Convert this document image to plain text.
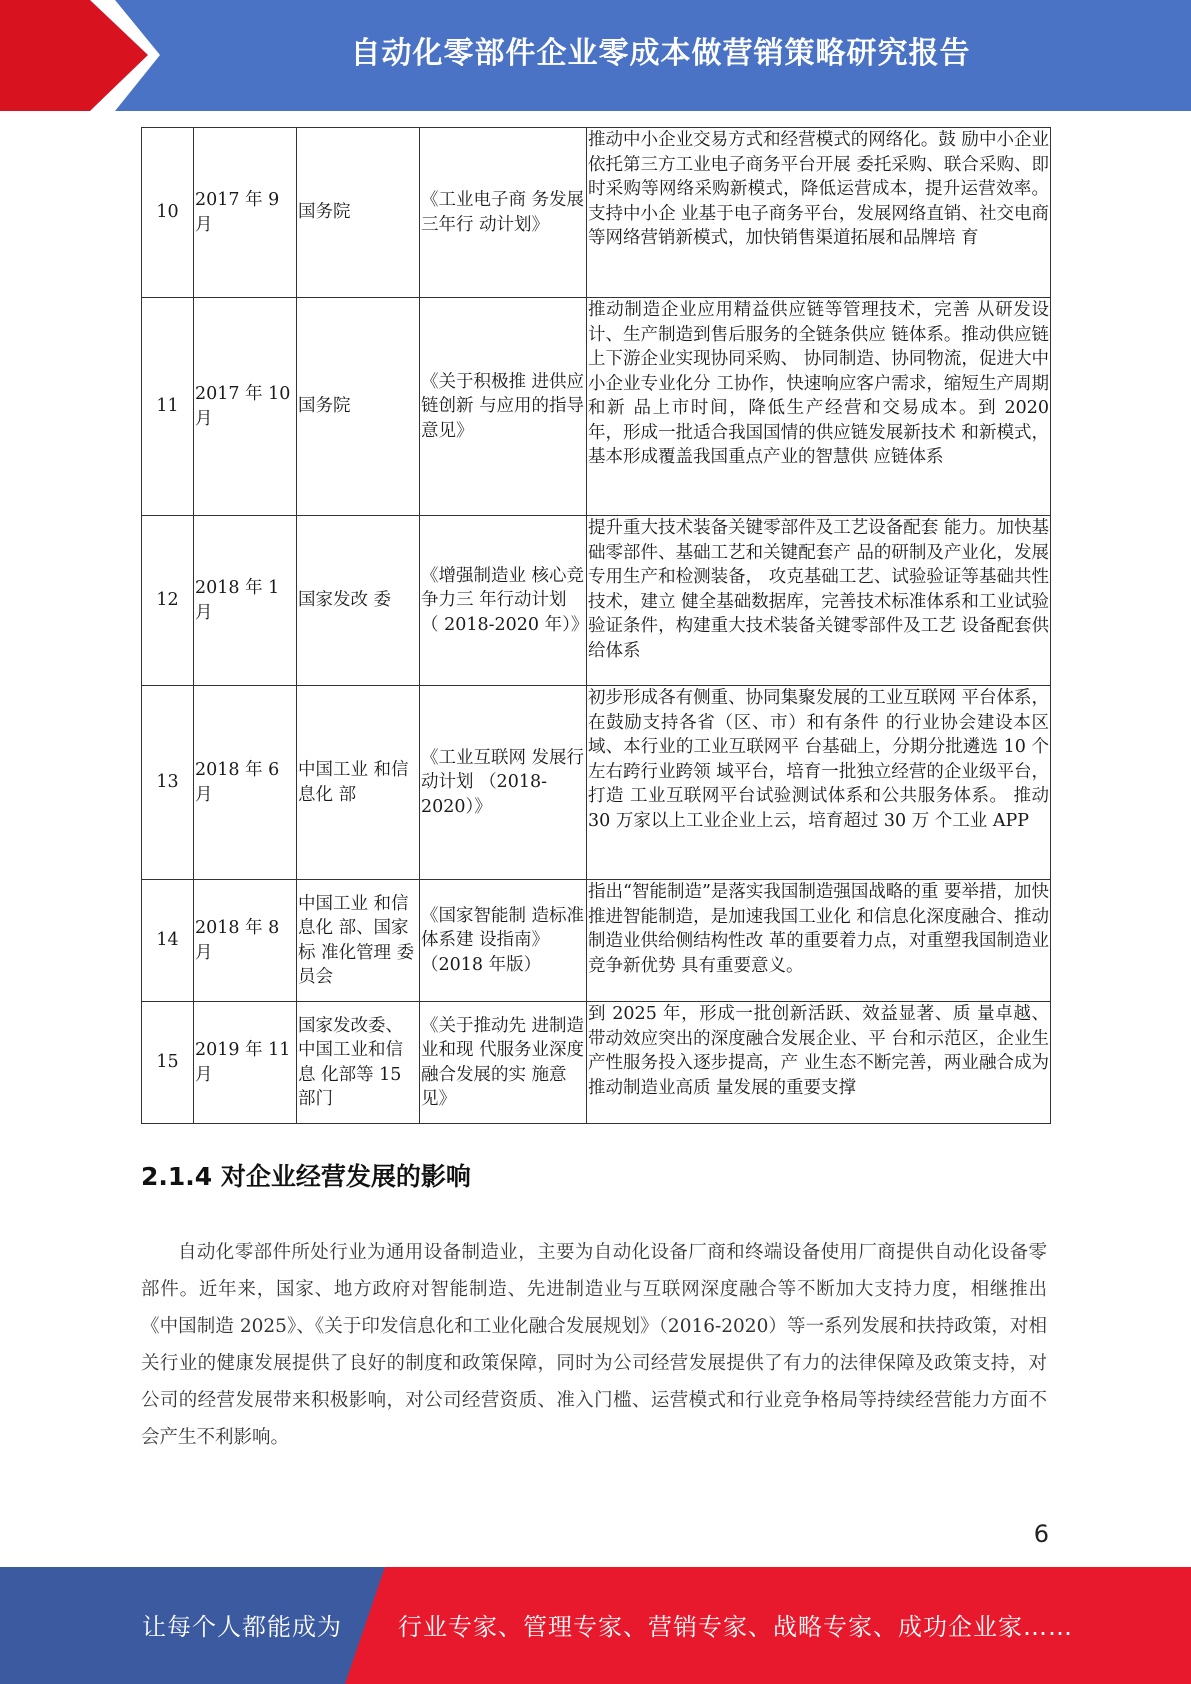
自动化零部件企业零成本做营销策略研究报告
10	2017 年 9 月	国务院	《工业电子商 务发展三年行 动计划》	推动中小企业交易方式和经营模式的网络化。鼓 励中小企业依托第三方工业电子商务平台开展 委托采购、联合采购、即时采购等网络采购新模式，降低运营成本，提升运营效率。支持中小企 业基于电子商务平台，发展网络直销、社交电商 等网络营销新模式，加快销售渠道拓展和品牌培 育
11	2017 年 10 月	国务院	《关于积极推 进供应链创新 与应用的指导 意见》	推动制造企业应用精益供应链等管理技术，完善 从研发设计、生产制造到售后服务的全链条供应 链体系。推动供应链上下游企业实现协同采购、 协同制造、协同物流，促进大中小企业专业化分 工协作，快速响应客户需求，缩短生产周期和新 品上市时间，降低生产经营和交易成本。到 2020 年，形成一批适合我国国情的供应链发展新技术 和新模式，基本形成覆盖我国重点产业的智慧供 应链体系
12	2018 年 1 月	国家发改 委	《增强制造业 核心竞争力三 年行动计划 （ 2018-2020 年）》	提升重大技术装备关键零部件及工艺设备配套 能力。加快基础零部件、基础工艺和关键配套产 品的研制及产业化，发展专用生产和检测装备， 攻克基础工艺、试验验证等基础共性技术，建立 健全基础数据库，完善技术标准体系和工业试验 验证条件，构建重大技术装备关键零部件及工艺 设备配套供给体系
13	2018 年 6 月	中国工业 和信息化 部	《工业互联网 发展行动计划 （2018-2020）》	初步形成各有侧重、协同集聚发展的工业互联网 平台体系，在鼓励支持各省（区、市）和有条件 的行业协会建设本区域、本行业的工业互联网平 台基础上，分期分批遴选 10 个左右跨行业跨领 域平台，培育一批独立经营的企业级平台，打造 工业互联网平台试验测试体系和公共服务体系。 推动 30 万家以上工业企业上云，培育超过 30 万 个工业 APP
14	2018 年 8 月	中国工业 和信息化 部、国家标 准化管理 委员会	《国家智能制 造标准体系建 设指南》（2018 年版）	指出“智能制造”是落实我国制造强国战略的重 要举措，加快推进智能制造，是加速我国工业化 和信息化深度融合、推动制造业供给侧结构性改 革的重要着力点，对重塑我国制造业竞争新优势 具有重要意义。
15	2019 年 11 月	国家发改委、中国工业和信息 化部等 15 部门	《关于推动先 进制造业和现 代服务业深度 融合发展的实 施意见》	到 2025 年，形成一批创新活跃、效益显著、质 量卓越、带动效应突出的深度融合发展企业、平 台和示范区，企业生产性服务投入逐步提高，产 业生态不断完善，两业融合成为推动制造业高质 量发展的重要支撑
2.1.4 对企业经营发展的影响

自动化零部件所处行业为通用设备制造业，主要为自动化设备厂商和终端设备使用厂商提供自动化设备零部件。近年来，国家、地方政府对智能制造、先进制造业与互联网深度融合等不断加大支持力度，相继推出《中国制造 2025》、《关于印发信息化和工业化融合发展规划》（2016-2020）等一系列发展和扶持政策，对相关行业的健康发展提供了良好的制度和政策保障，同时为公司经营发展提供了有力的法律保障及政策支持，对公司的经营发展带来积极影响，对公司经营资质、准入门槛、运营模式和行业竞争格局等持续经营能力方面不会产生不利影响。

6
让每个人都能成为 行业专家、管理专家、营销专家、战略专家、成功企业家……
